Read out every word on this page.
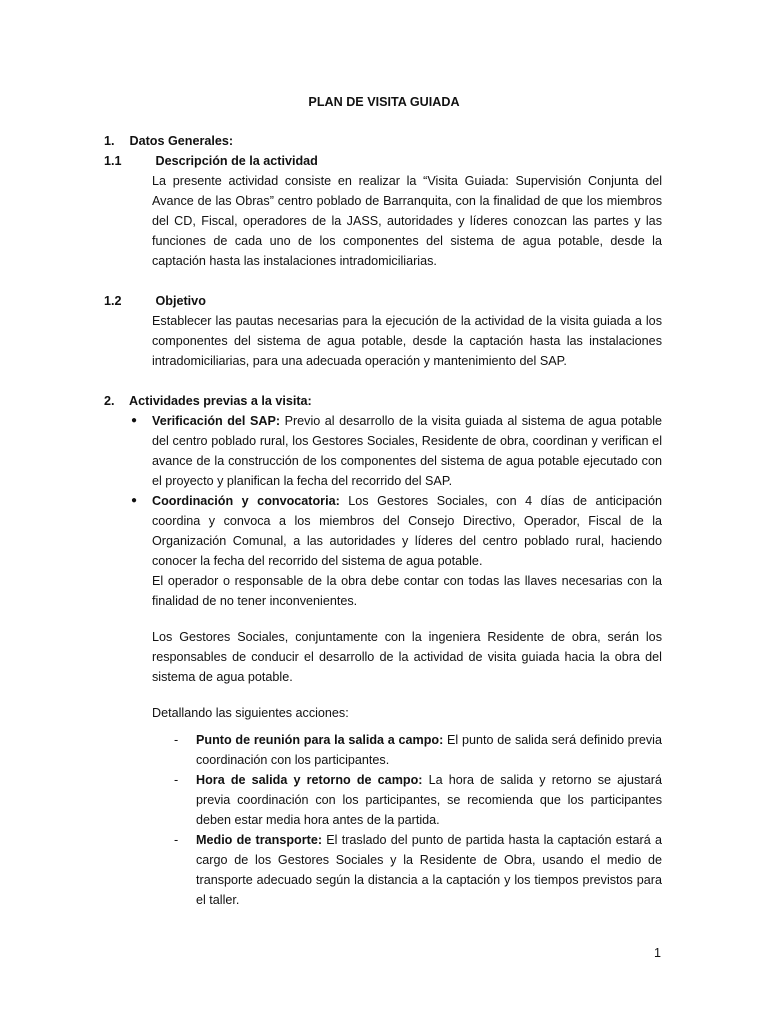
PLAN DE VISITA GUIADA
1. Datos Generales:
1.1	Descripción de la actividad
La presente actividad consiste en realizar la “Visita Guiada: Supervisión Conjunta del Avance de las Obras” centro poblado de Barranquita, con la finalidad de que los miembros del CD, Fiscal, operadores de la JASS, autoridades y líderes conozcan las partes y las funciones de cada uno de los componentes del sistema de agua potable, desde la captación hasta las instalaciones intradomiciliarias.
1.2	Objetivo
Establecer las pautas necesarias para la ejecución de la actividad de la visita guiada a los componentes del sistema de agua potable, desde la captación hasta las instalaciones intradomiciliarias, para una adecuada operación y mantenimiento del SAP.
2. Actividades previas a la visita:
● Verificación del SAP: Previo al desarrollo de la visita guiada al sistema de agua potable del centro poblado rural, los Gestores Sociales, Residente de obra, coordinan y verifican el avance de la construcción de los componentes del sistema de agua potable ejecutado con el proyecto y planifican la fecha del recorrido del SAP.
● Coordinación y convocatoria: Los Gestores Sociales, con 4 días de anticipación coordina y convoca a los miembros del Consejo Directivo, Operador, Fiscal de la Organización Comunal, a las autoridades y líderes del centro poblado rural, haciendo conocer la fecha del recorrido del sistema de agua potable.
El operador o responsable de la obra debe contar con todas las llaves necesarias con la finalidad de no tener inconvenientes.
Los Gestores Sociales, conjuntamente con la ingeniera Residente de obra, serán los responsables de conducir el desarrollo de la actividad de visita guiada hacia la obra del sistema de agua potable.
Detallando las siguientes acciones:
- Punto de reunión para la salida a campo: El punto de salida será definido previa coordinación con los participantes.
- Hora de salida y retorno de campo: La hora de salida y retorno se ajustará previa coordinación con los participantes, se recomienda que los participantes deben estar media hora antes de la partida.
- Medio de transporte: El traslado del punto de partida hasta la captación estará a cargo de los Gestores Sociales y la Residente de Obra, usando el medio de transporte adecuado según la distancia a la captación y los tiempos previstos para el taller.
1
